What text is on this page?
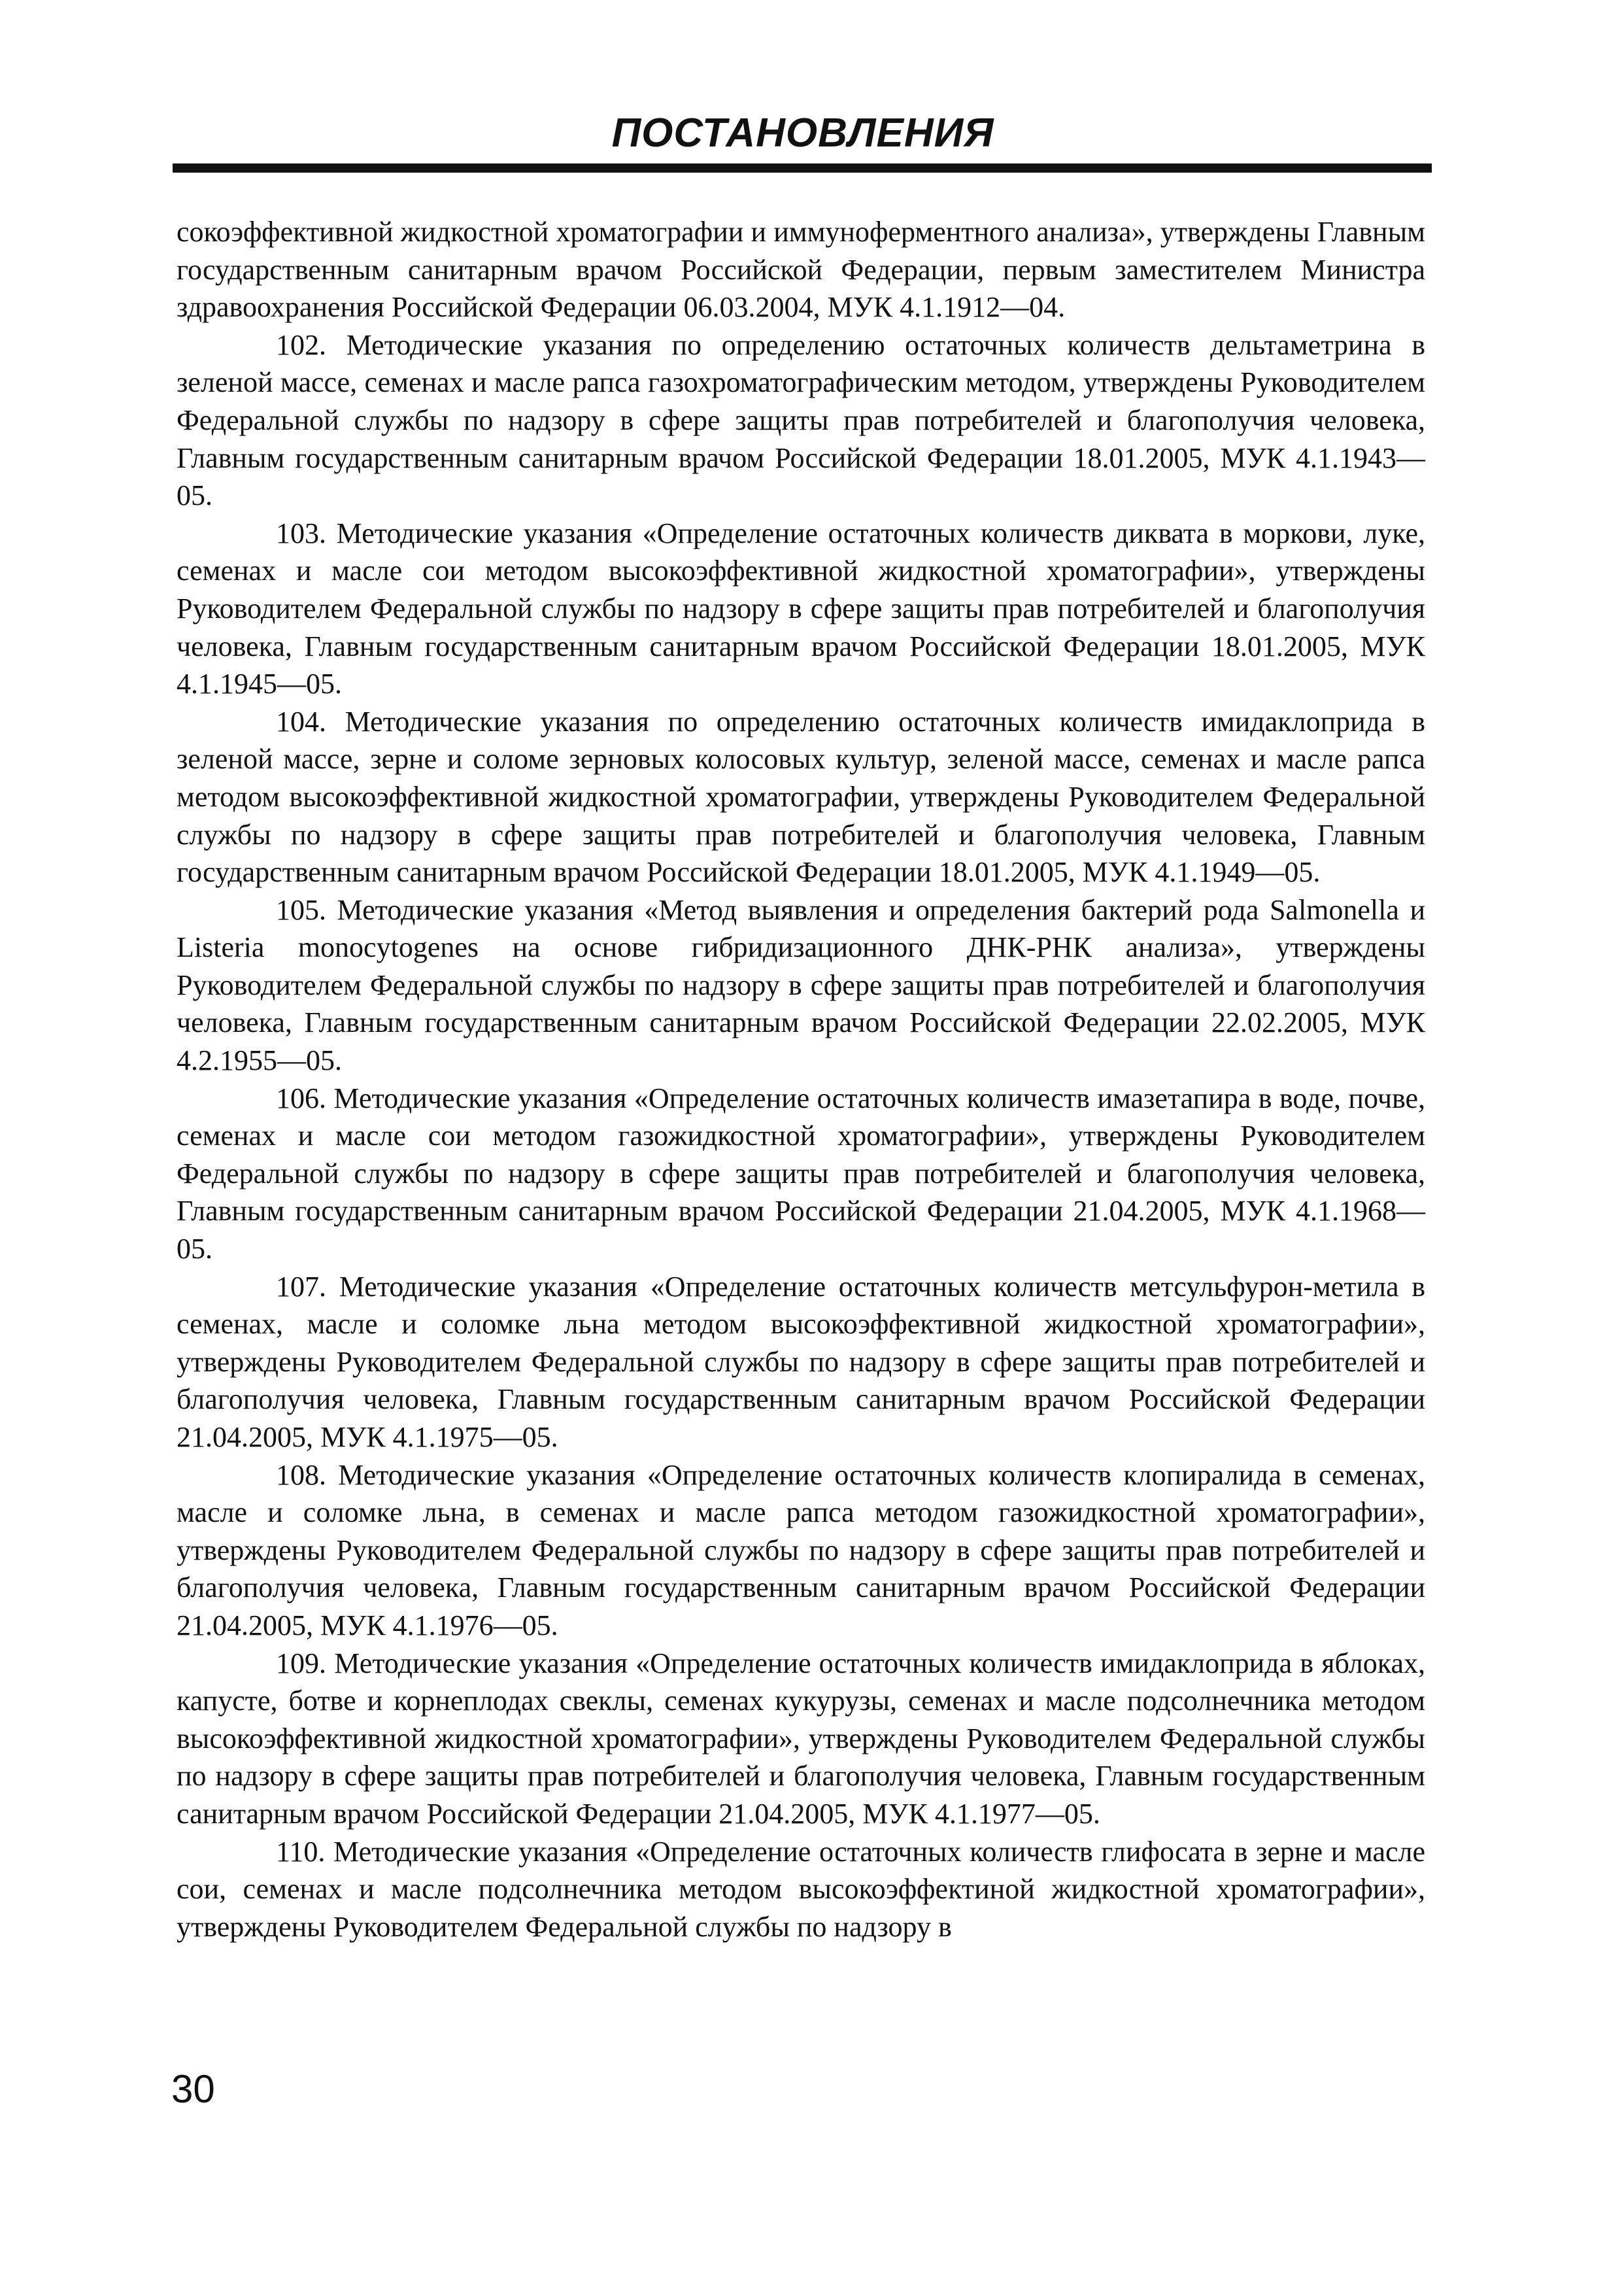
ПОСТАНОВЛЕНИЯ

сокоэффективной жидкостной хроматографии и иммуноферментного анализа», утверждены Главным государственным санитарным врачом Российской Федерации, первым заместителем Министра здравоохранения Российской Федерации 06.03.2004, МУК 4.1.1912—04.

102. Методические указания по определению остаточных количеств дельтаметрина в зеленой массе, семенах и масле рапса газохроматографическим методом, утверждены Руководителем Федеральной службы по надзору в сфере защиты прав потребителей и благополучия человека, Главным государственным санитарным врачом Российской Федерации 18.01.2005, МУК 4.1.1943—05.

103. Методические указания «Определение остаточных количеств диквата в моркови, луке, семенах и масле сои методом высокоэффективной жидкостной хроматографии», утверждены Руководителем Федеральной службы по надзору в сфере защиты прав потребителей и благополучия человека, Главным государственным санитарным врачом Российской Федерации 18.01.2005, МУК 4.1.1945—05.

104. Методические указания по определению остаточных количеств имидаклоприда в зеленой массе, зерне и соломе зерновых колосовых культур, зеленой массе, семенах и масле рапса методом высокоэффективной жидкостной хроматографии, утверждены Руководителем Федеральной службы по надзору в сфере защиты прав потребителей и благополучия человека, Главным государственным санитарным врачом Российской Федерации 18.01.2005, МУК 4.1.1949—05.

105. Методические указания «Метод выявления и определения бактерий рода Salmonella и Listeria monocytogenes на основе гибридизационного ДНК-РНК анализа», утверждены Руководителем Федеральной службы по надзору в сфере защиты прав потребителей и благополучия человека, Главным государственным санитарным врачом Российской Федерации 22.02.2005, МУК 4.2.1955—05.

106. Методические указания «Определение остаточных количеств имазетапира в воде, почве, семенах и масле сои методом газожидкостной хроматографии», утверждены Руководителем Федеральной службы по надзору в сфере защиты прав потребителей и благополучия человека, Главным государственным санитарным врачом Российской Федерации 21.04.2005, МУК 4.1.1968—05.

107. Методические указания «Определение остаточных количеств метсульфурон-метила в семенах, масле и соломке льна методом высокоэффективной жидкостной хроматографии», утверждены Руководителем Федеральной службы по надзору в сфере защиты прав потребителей и благополучия человека, Главным государственным санитарным врачом Российской Федерации 21.04.2005, МУК 4.1.1975—05.

108. Методические указания «Определение остаточных количеств клопиралида в семенах, масле и соломке льна, в семенах и масле рапса методом газожидкостной хроматографии», утверждены Руководителем Федеральной службы по надзору в сфере защиты прав потребителей и благополучия человека, Главным государственным санитарным врачом Российской Федерации 21.04.2005, МУК 4.1.1976—05.

109. Методические указания «Определение остаточных количеств имидаклоприда в яблоках, капусте, ботве и корнеплодах свеклы, семенах кукурузы, семенах и масле подсолнечника методом высокоэффективной жидкостной хроматографии», утверждены Руководителем Федеральной службы по надзору в сфере защиты прав потребителей и благополучия человека, Главным государственным санитарным врачом Российской Федерации 21.04.2005, МУК 4.1.1977—05.

110. Методические указания «Определение остаточных количеств глифосата в зерне и масле сои, семенах и масле подсолнечника методом высокоэффектиной жидкостной хроматографии», утверждены Руководителем Федеральной службы по надзору в

30
